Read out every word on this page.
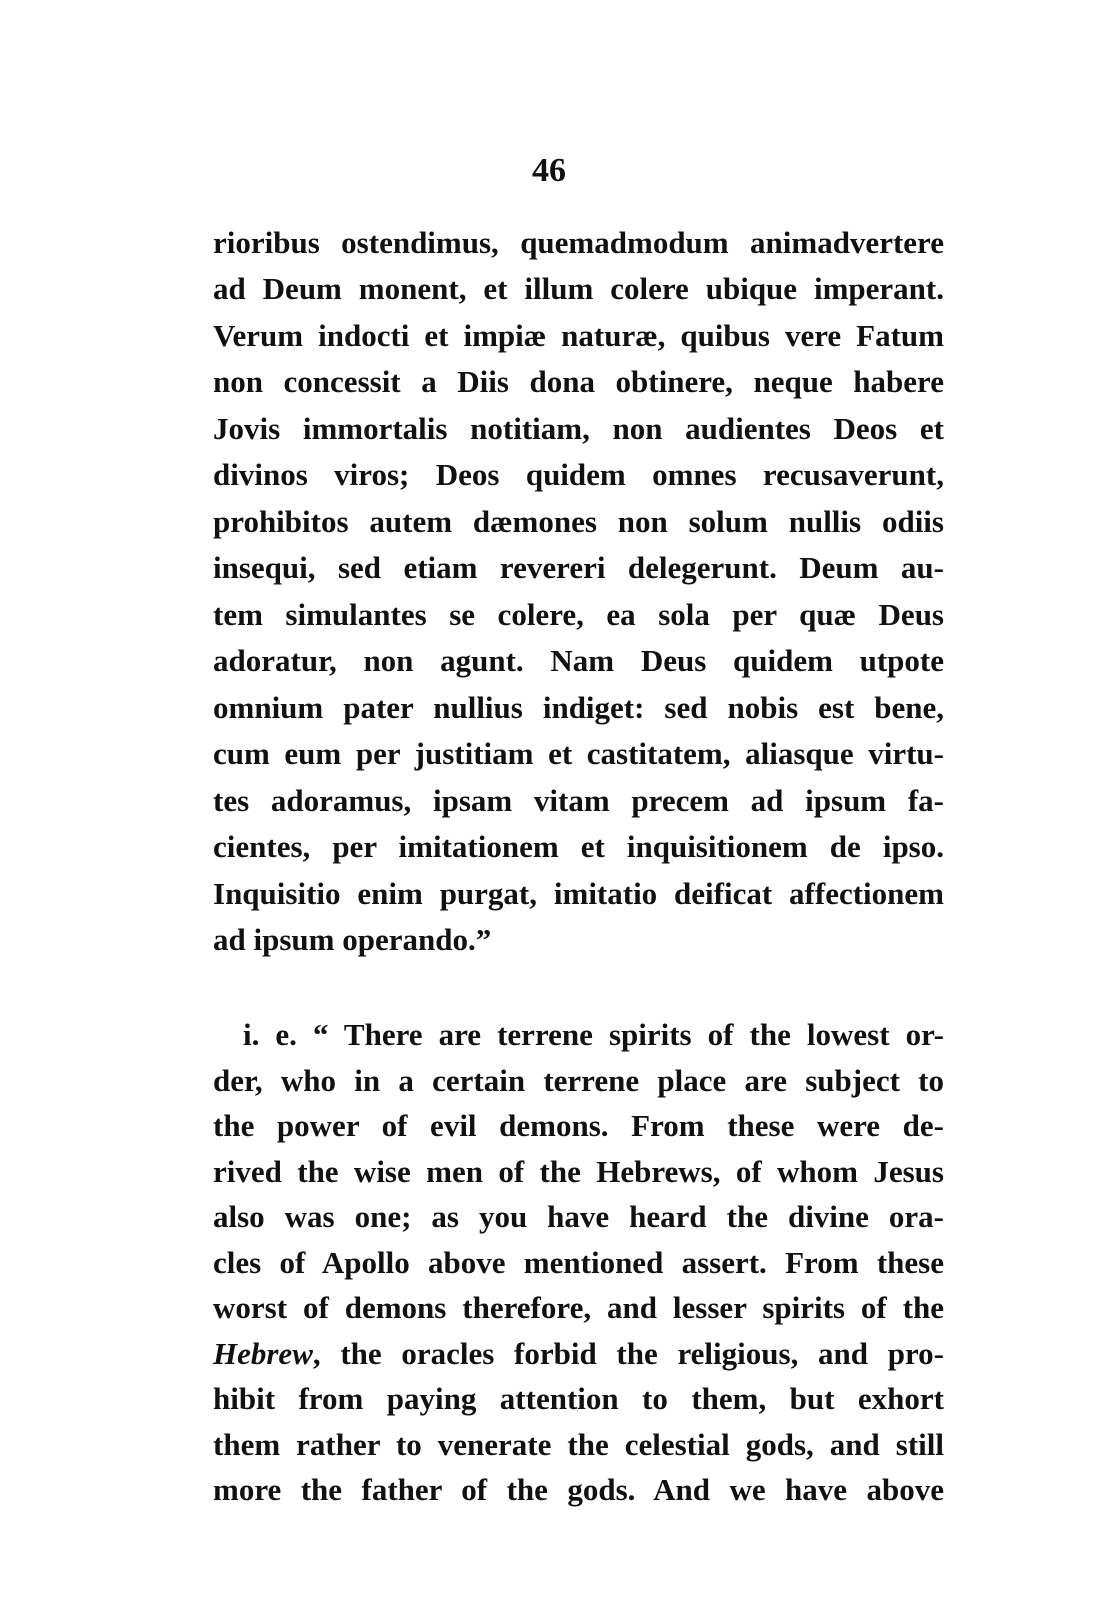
46
rioribus ostendimus, quemadmodum animadvertere
ad Deum monent, et illum colere ubique imperant.
Verum indocti et impiæ naturæ, quibus vere Fatum
non concessit a Diis dona obtinere, neque habere
Jovis immortalis notitiam, non audientes Deos et
divinos viros; Deos quidem omnes recusaverunt,
prohibitos autem dæmones non solum nullis odiis
insequi, sed etiam revereri delegerunt. Deum au-
tem simulantes se colere, ea sola per quæ Deus
adoratur, non agunt. Nam Deus quidem utpote
omnium pater nullius indiget: sed nobis est bene,
cum eum per justitiam et castitatem, aliasque virtu-
tes adoramus, ipsam vitam precem ad ipsum fa-
cientes, per imitationem et inquisitionem de ipso.
Inquisitio enim purgat, imitatio deificat affectionem
ad ipsum operando.”
i. e. “ There are terrene spirits of the lowest or-
der, who in a certain terrene place are subject to
the power of evil demons. From these were de-
rived the wise men of the Hebrews, of whom Jesus
also was one; as you have heard the divine ora-
cles of Apollo above mentioned assert. From these
worst of demons therefore, and lesser spirits of the
Hebrew, the oracles forbid the religious, and pro-
hibit from paying attention to them, but exhort
them rather to venerate the celestial gods, and still
more the father of the gods. And we have above
